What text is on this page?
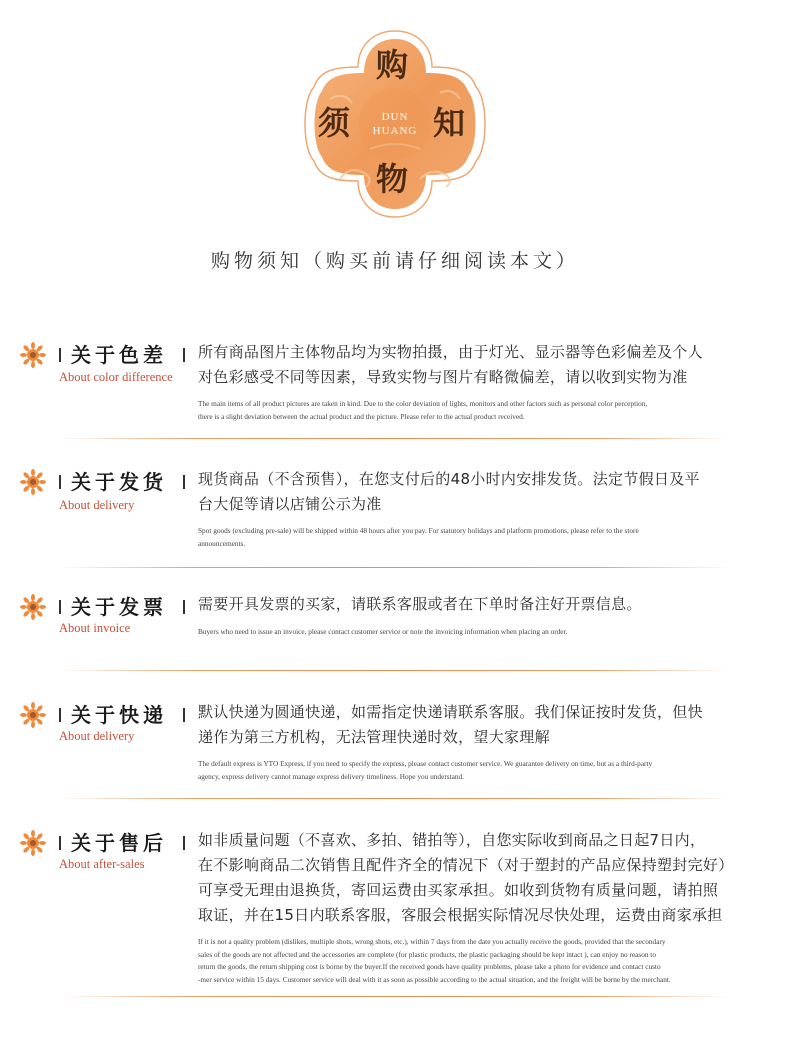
购
须	知
物
DUN
HUANG
购物须知（购买前请仔细阅读本文）
关于色差
About color difference
所有商品图片主体物品均为实物拍摄，由于灯光、显示器等色彩偏差及个人
对色彩感受不同等因素，导致实物与图片有略微偏差，请以收到实物为准
The main items of all product pictures are taken in kind. Due to the color deviation of lights, monitors and other factors such as personal color perception,
there is a slight deviation between the actual product and the picture. Please refer to the actual product received.
关于发货
About delivery
现货商品（不含预售），在您支付后的48小时内安排发货。法定节假日及平
台大促等请以店铺公示为准
Spot goods (excluding pre-sale) will be shipped within 48 hours after you pay. For statutory holidays and platform promotions, please refer to the store
announcements.
关于发票
About invoice
需要开具发票的买家，请联系客服或者在下单时备注好开票信息。
Buyers who need to issue an invoice, please contact customer service or note the invoicing information when placing an order.
关于快递
About delivery
默认快递为圆通快递，如需指定快递请联系客服。我们保证按时发货，但快
递作为第三方机构，无法管理快递时效，望大家理解
The default express is YTO Express, if you need to specify the express, please contact customer service. We guarantee delivery on time, but as a third-party
agency, express delivery cannot manage express delivery timeliness. Hope you understand.
关于售后
About after-sales
如非质量问题（不喜欢、多拍、错拍等），自您实际收到商品之日起7日内，
在不影响商品二次销售且配件齐全的情况下（对于塑封的产品应保持塑封完好）
可享受无理由退换货，寄回运费由买家承担。如收到货物有质量问题，请拍照
取证，并在15日内联系客服，客服会根据实际情况尽快处理，运费由商家承担
If it is not a quality problem (dislikes, multiple shots, wrong shots, etc.), within 7 days from the date you actually receive the goods, provided that the secondary
sales of the goods are not affected and the accessories are complete (for plastic products, the plastic packaging should be kept intact ), can enjoy no reason to
return the goods, the return shipping cost is borne by the buyer.If the received goods have quality problems, please take a photo for evidence and contact custo
-mer service within 15 days. Customer service will deal with it as soon as possible according to the actual situation, and the freight will be borne by the merchant.
